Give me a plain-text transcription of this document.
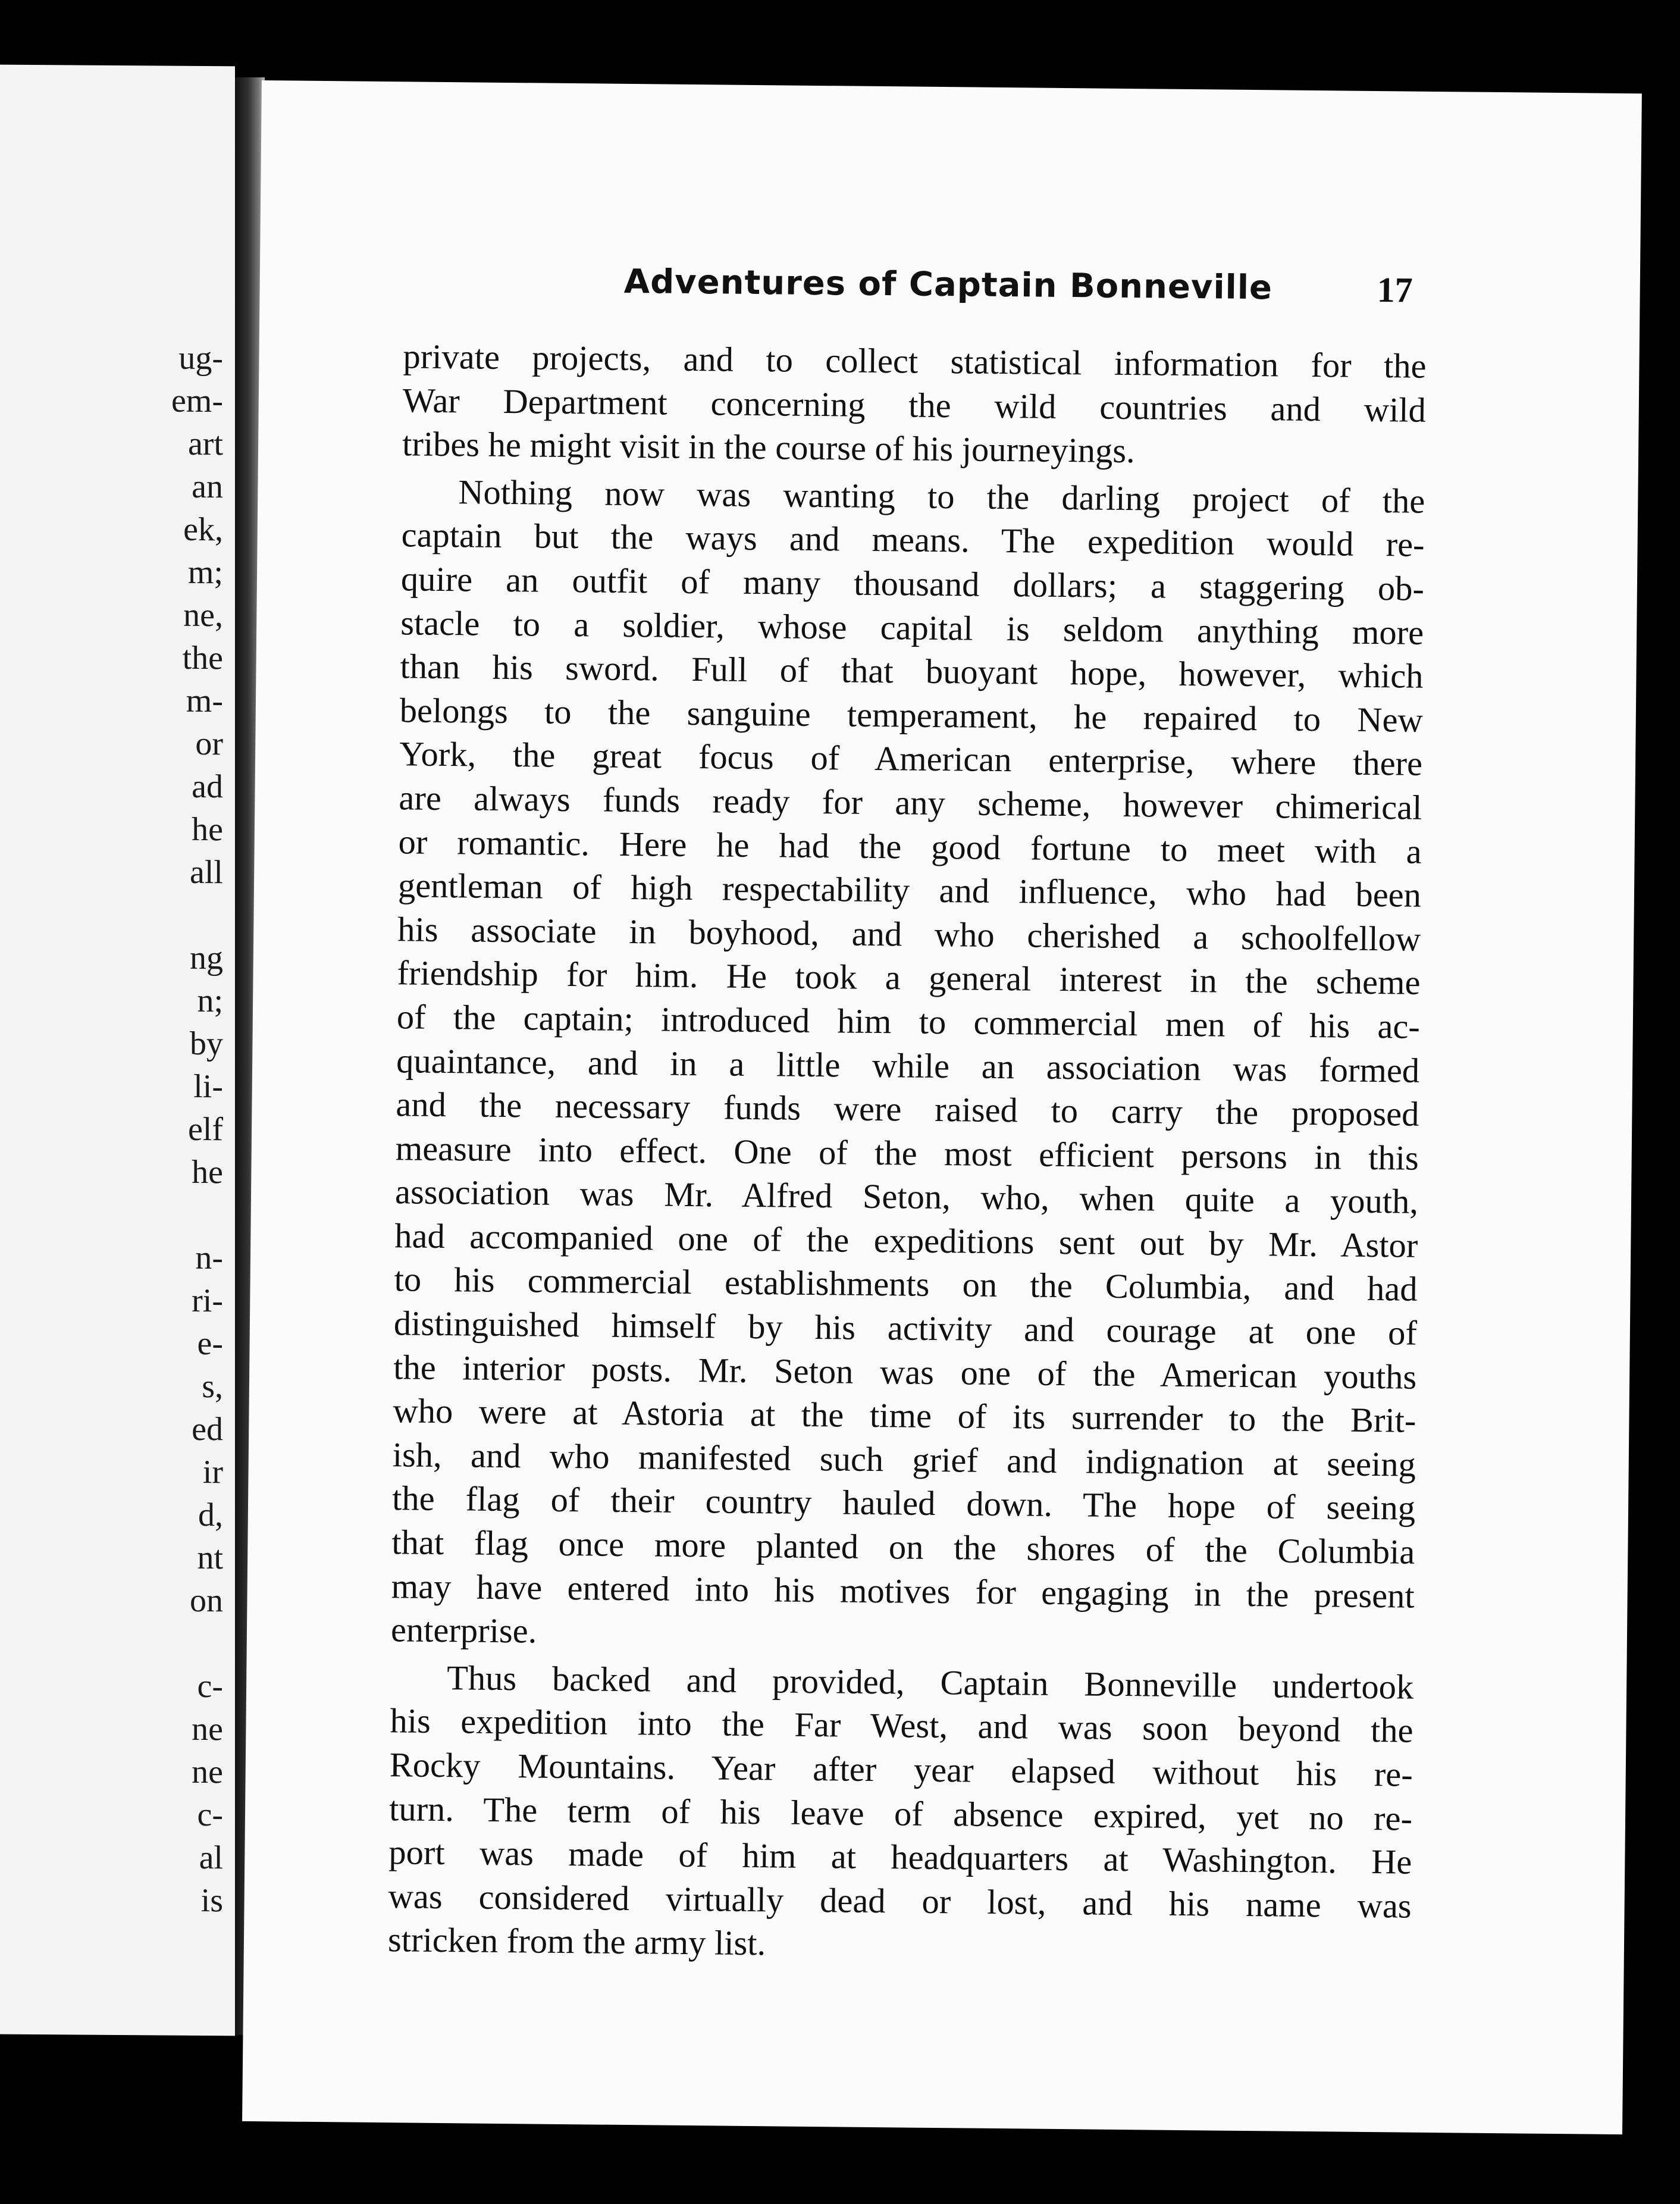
ug-
em-
art
an
ek,
m;
ne,
the
m-
or
ad
he
all
ng
n;
by
li-
elf
he
n-
ri-
e-
s,
ed
ir
d,
nt
on
c-
ne
ne
c-
al
is
Adventures of Captain Bonneville	17
private projects, and to collect statistical information for the
War Department concerning the wild countries and wild
tribes he might visit in the course of his journeyings.
Nothing now was wanting to the darling project of the
captain but the ways and means. The expedition would re-
quire an outfit of many thousand dollars; a staggering ob-
stacle to a soldier, whose capital is seldom anything more
than his sword. Full of that buoyant hope, however, which
belongs to the sanguine temperament, he repaired to New
York, the great focus of American enterprise, where there
are always funds ready for any scheme, however chimerical
or romantic. Here he had the good fortune to meet with a
gentleman of high respectability and influence, who had been
his associate in boyhood, and who cherished a schoolfellow
friendship for him. He took a general interest in the scheme
of the captain; introduced him to commercial men of his ac-
quaintance, and in a little while an association was formed
and the necessary funds were raised to carry the proposed
measure into effect. One of the most efficient persons in this
association was Mr. Alfred Seton, who, when quite a youth,
had accompanied one of the expeditions sent out by Mr. Astor
to his commercial establishments on the Columbia, and had
distinguished himself by his activity and courage at one of
the interior posts. Mr. Seton was one of the American youths
who were at Astoria at the time of its surrender to the Brit-
ish, and who manifested such grief and indignation at seeing
the flag of their country hauled down. The hope of seeing
that flag once more planted on the shores of the Columbia
may have entered into his motives for engaging in the present
enterprise.
Thus backed and provided, Captain Bonneville undertook
his expedition into the Far West, and was soon beyond the
Rocky Mountains. Year after year elapsed without his re-
turn. The term of his leave of absence expired, yet no re-
port was made of him at headquarters at Washington. He
was considered virtually dead or lost, and his name was
stricken from the army list.
